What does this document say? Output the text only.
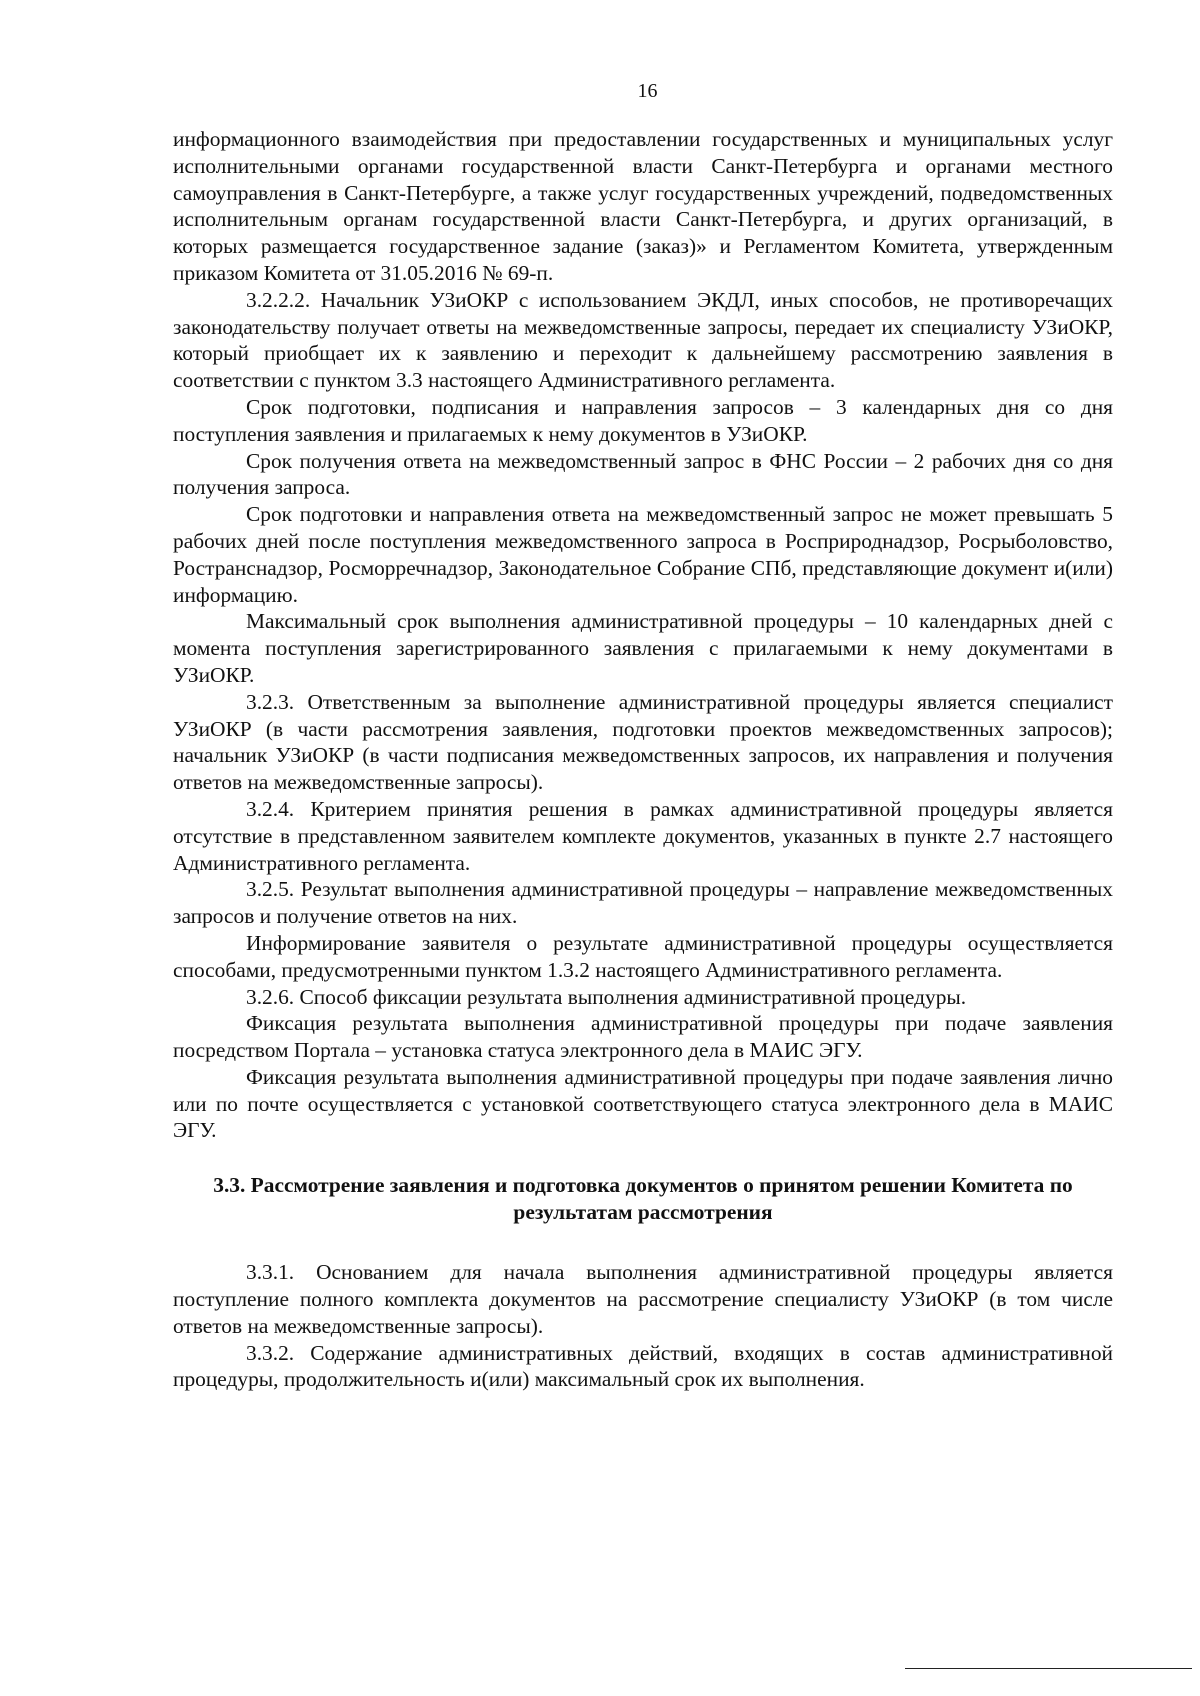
16

информационного взаимодействия при предоставлении государственных и муниципальных услуг исполнительными органами государственной власти Санкт-Петербурга и органами местного самоуправления в Санкт-Петербурге, а также услуг государственных учреждений, подведомственных исполнительным органам государственной власти Санкт-Петербурга, и других организаций, в которых размещается государственное задание (заказ)» и Регламентом Комитета, утвержденным приказом Комитета от 31.05.2016 № 69-п.

3.2.2.2. Начальник УЗиОКР с использованием ЭКДЛ, иных способов, не противоречащих законодательству получает ответы на межведомственные запросы, передает их специалисту УЗиОКР, который приобщает их к заявлению и переходит к дальнейшему рассмотрению заявления в соответствии с пунктом 3.3 настоящего Административного регламента.

Срок подготовки, подписания и направления запросов – 3 календарных дня со дня поступления заявления и прилагаемых к нему документов в УЗиОКР.

Срок получения ответа на межведомственный запрос в ФНС России – 2 рабочих дня со дня получения запроса.

Срок подготовки и направления ответа на межведомственный запрос не может превышать 5 рабочих дней после поступления межведомственного запроса в Росприроднадзор, Росрыболовство, Ространснадзор, Росморречнадзор, Законодательное Собрание СПб, представляющие документ и(или) информацию.

Максимальный срок выполнения административной процедуры – 10 календарных дней с момента поступления зарегистрированного заявления с прилагаемыми к нему документами в УЗиОКР.

3.2.3. Ответственным за выполнение административной процедуры является специалист УЗиОКР (в части рассмотрения заявления, подготовки проектов межведомственных запросов); начальник УЗиОКР (в части подписания межведомственных запросов, их направления и получения ответов на межведомственные запросы).

3.2.4. Критерием принятия решения в рамках административной процедуры является отсутствие в представленном заявителем комплекте документов, указанных в пункте 2.7 настоящего Административного регламента.

3.2.5. Результат выполнения административной процедуры – направление межведомственных запросов и получение ответов на них.

Информирование заявителя о результате административной процедуры осуществляется способами, предусмотренными пунктом 1.3.2 настоящего Административного регламента.

3.2.6. Способ фиксации результата выполнения административной процедуры.

Фиксация результата выполнения административной процедуры при подаче заявления посредством Портала – установка статуса электронного дела в МАИС ЭГУ.

Фиксация результата выполнения административной процедуры при подаче заявления лично или по почте осуществляется с установкой соответствующего статуса электронного дела в МАИС ЭГУ.

3.3. Рассмотрение заявления и подготовка документов о принятом решении Комитета по результатам рассмотрения

3.3.1. Основанием для начала выполнения административной процедуры является поступление полного комплекта документов на рассмотрение специалисту УЗиОКР (в том числе ответов на межведомственные запросы).

3.3.2. Содержание административных действий, входящих в состав административной процедуры, продолжительность и(или) максимальный срок их выполнения.
